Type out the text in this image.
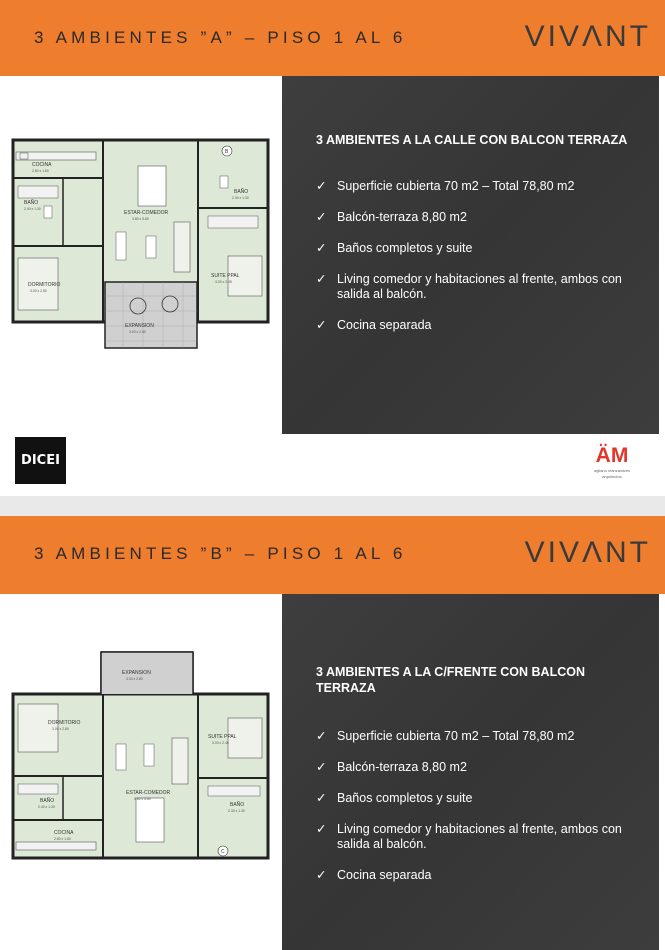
3 AMBIENTES ”A” – PISO 1 AL 6	VIVΛNT
COCINA
2.80 x 1.80
BAÑO
2.40 x 1.30
DORMITORIO
3.00 x 2.80
ESTAR-COMEDOR
3.80 x 5.80
BAÑO
2.30 x 1.30
SUITE PPAL
3.00 x 2.45
EXPANSION
3.00 x 2.80
B
3 AMBIENTES A LA CALLE CON BALCON TERRAZA
✓ Superficie cubierta 70 m2 – Total 78,80 m2
✓ Balcón-terraza 8,80 m2
✓ Baños completos y suite
✓ Living comedor y habitaciones al frente, ambos con salida al balcón.
✓ Cocina separada
DICEI	ÄM
agliano manzanares arquitectos
3 AMBIENTES ”B” – PISO 1 AL 6	VIVΛNT
EXPANSION
3.00 x 2.80
DORMITORIO
3.00 x 2.80
SUITE PPAL
3.00 x 2.45
ESTAR-COMEDOR
3.80 x 5.80
BAÑO
2.40 x 1.30	BAÑO
2.30 x 1.30
COCINA
2.80 x 1.80
C
3 AMBIENTES A LA C/FRENTE CON BALCON TERRAZA
✓ Superficie cubierta 70 m2 – Total 78,80 m2
✓ Balcón-terraza 8,80 m2
✓ Baños completos y suite
✓ Living comedor y habitaciones al frente, ambos con salida al balcón.
✓ Cocina separada
